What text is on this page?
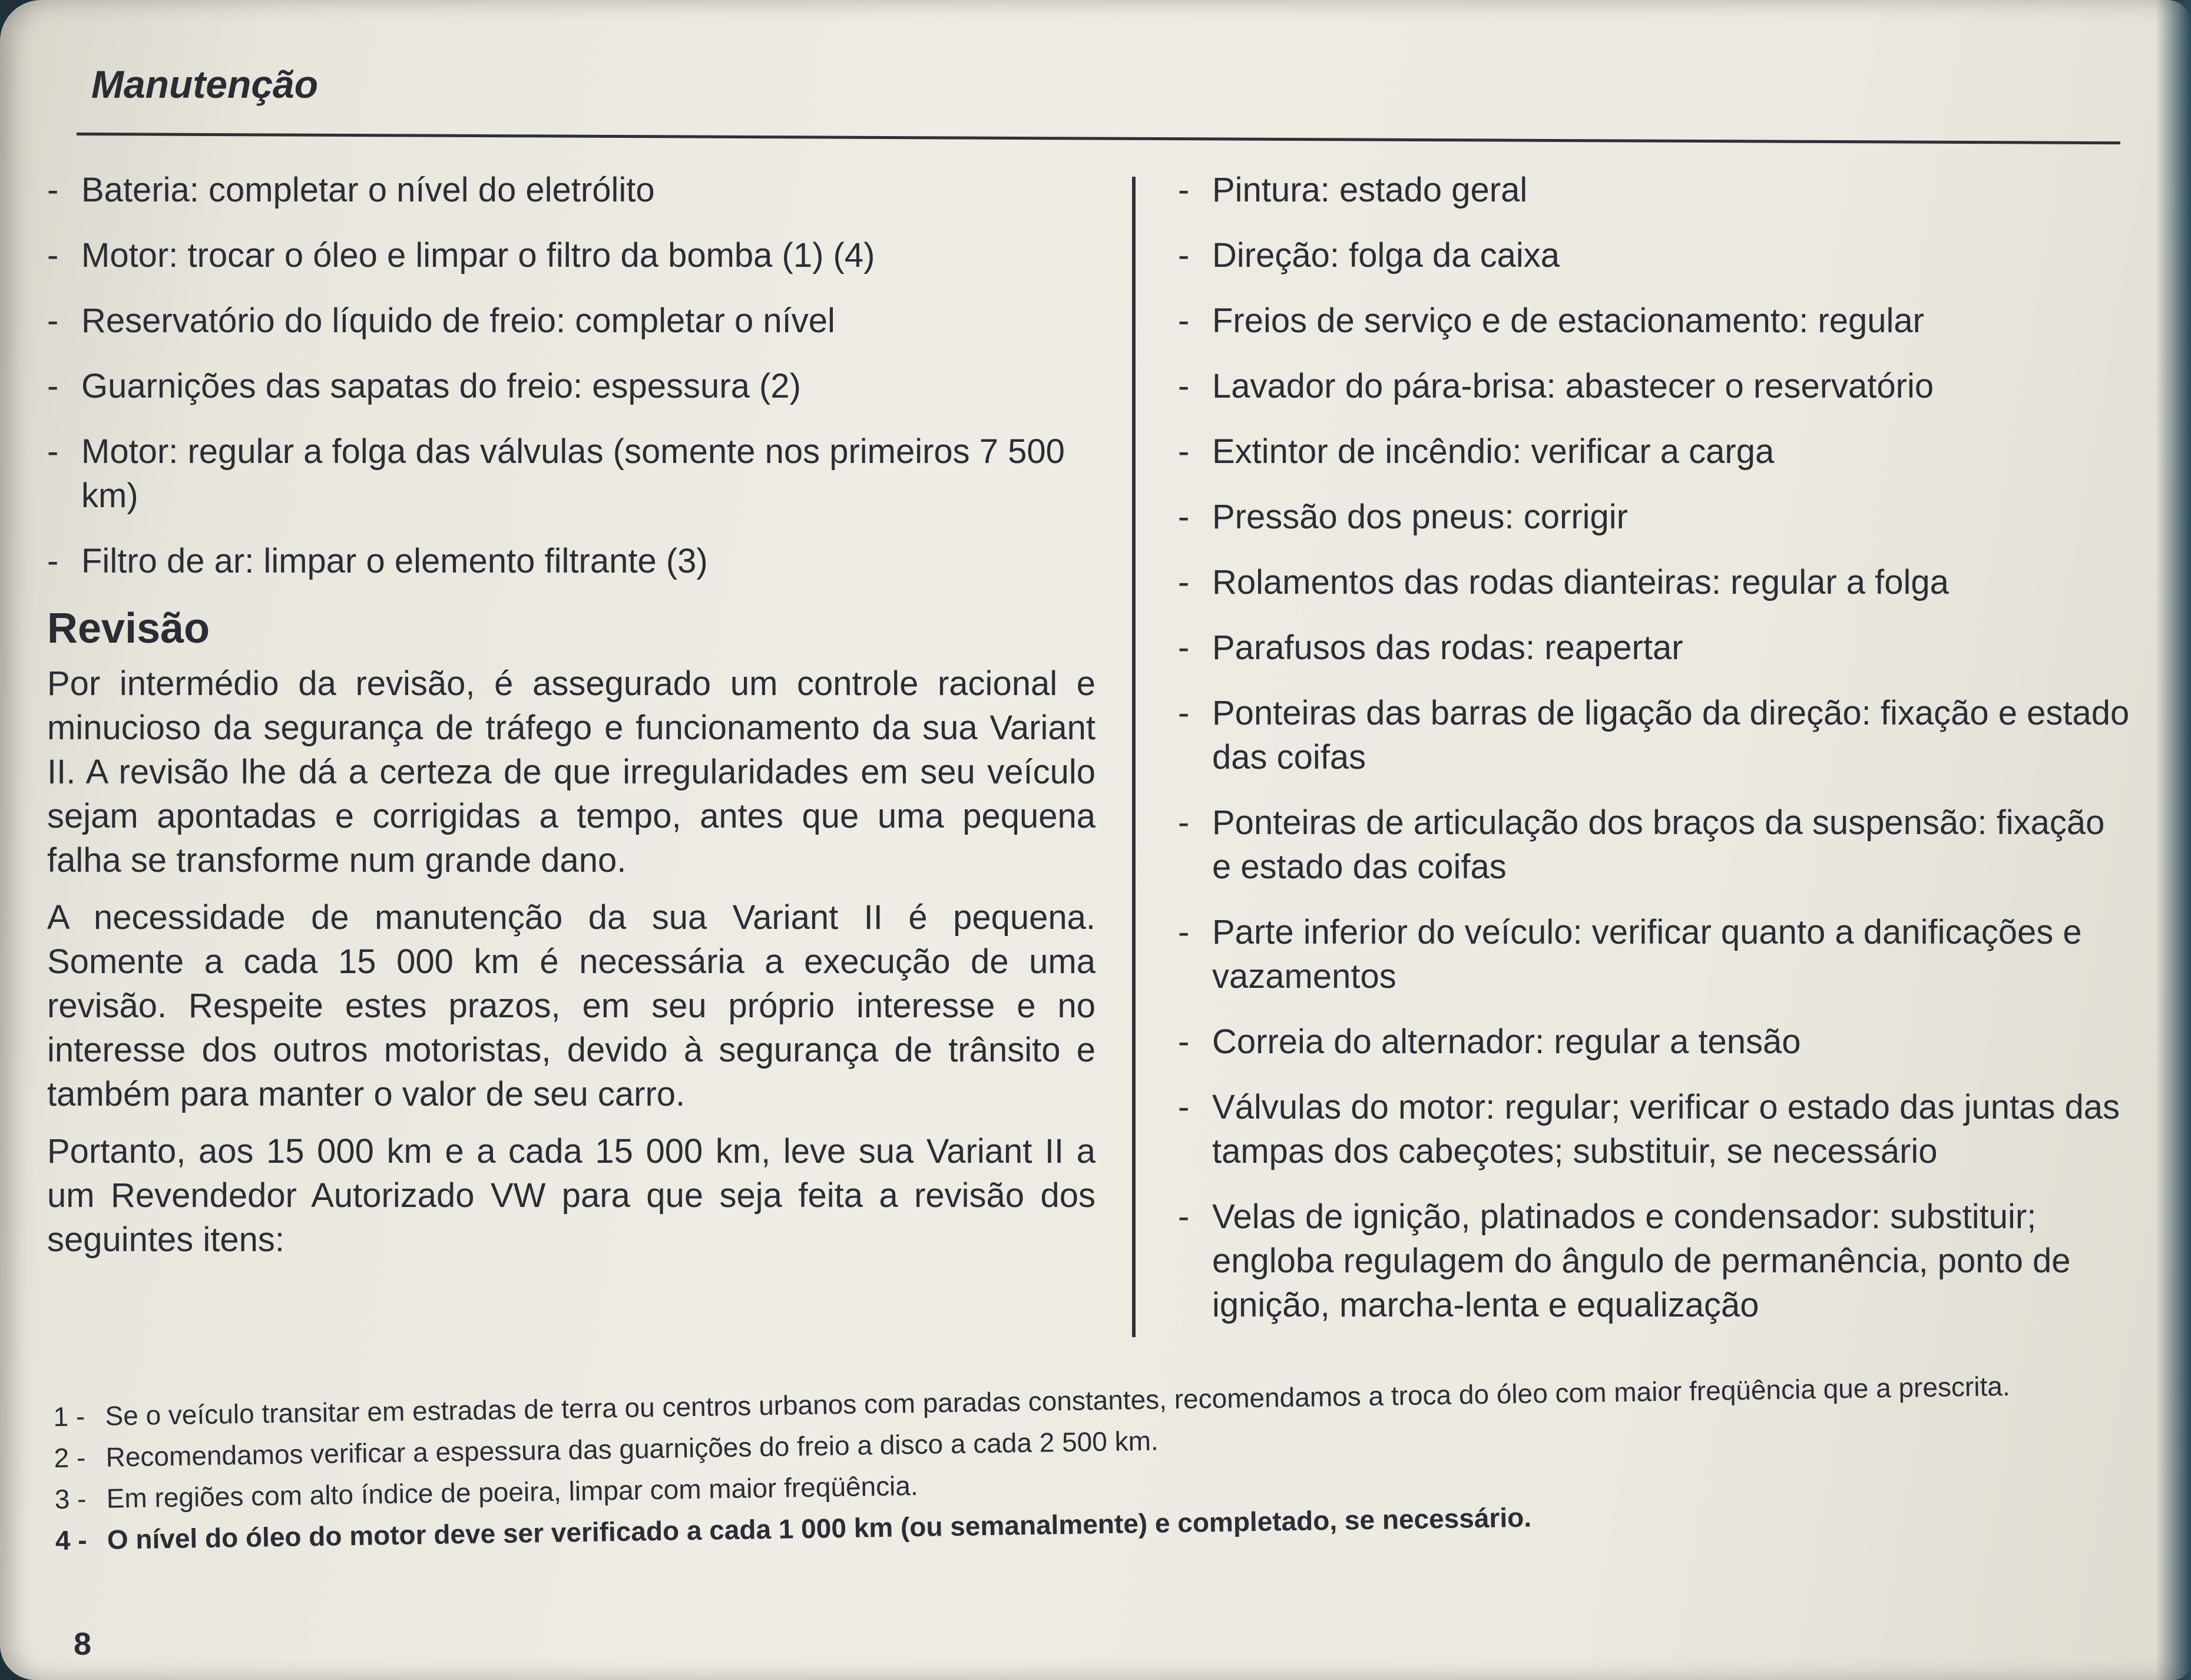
Manutenção
- Bateria: completar o nível do eletrólito
- Motor: trocar o óleo e limpar o filtro da bomba (1) (4)
- Reservatório do líquido de freio: completar o nível
- Guarnições das sapatas do freio: espessura (2)
- Motor: regular a folga das válvulas (somente nos primeiros 7 500 km)
- Filtro de ar: limpar o elemento filtrante (3)
Revisão

Por intermédio da revisão, é assegurado um controle racional e minucioso da segurança de tráfego e funcionamento da sua Variant II. A revisão lhe dá a certeza de que irregularidades em seu veículo sejam apontadas e corrigidas a tempo, antes que uma pequena falha se transforme num grande dano.

A necessidade de manutenção da sua Variant II é pequena. Somente a cada 15 000 km é necessária a execução de uma revisão. Respeite estes prazos, em seu próprio interesse e no interesse dos outros motoristas, devido à segurança de trânsito e também para manter o valor de seu carro.

Portanto, aos 15 000 km e a cada 15 000 km, leve sua Variant II a um Revendedor Autorizado VW para que seja feita a revisão dos seguintes itens:

- Pintura: estado geral
- Direção: folga da caixa
- Freios de serviço e de estacionamento: regular
- Lavador do pára-brisa: abastecer o reservatório
- Extintor de incêndio: verificar a carga
- Pressão dos pneus: corrigir
- Rolamentos das rodas dianteiras: regular a folga
- Parafusos das rodas: reapertar
- Ponteiras das barras de ligação da direção: fixação e estado das coifas
- Ponteiras de articulação dos braços da suspensão: fixação e estado das coifas
- Parte inferior do veículo: verificar quanto a danificações e vazamentos
- Correia do alternador: regular a tensão
- Válvulas do motor: regular; verificar o estado das juntas das tampas dos cabeçotes; substituir, se necessário
- Velas de ignição, platinados e condensador: substituir; engloba regulagem do ângulo de permanência, ponto de ignição, marcha-lenta e equalização
1 - Se o veículo transitar em estradas de terra ou centros urbanos com paradas constantes, recomendamos a troca do óleo com maior freqüência que a prescrita.
2 - Recomendamos verificar a espessura das guarnições do freio a disco a cada 2 500 km.
3 - Em regiões com alto índice de poeira, limpar com maior freqüência.
4 - O nível do óleo do motor deve ser verificado a cada 1 000 km (ou semanalmente) e completado, se necessário.
8
